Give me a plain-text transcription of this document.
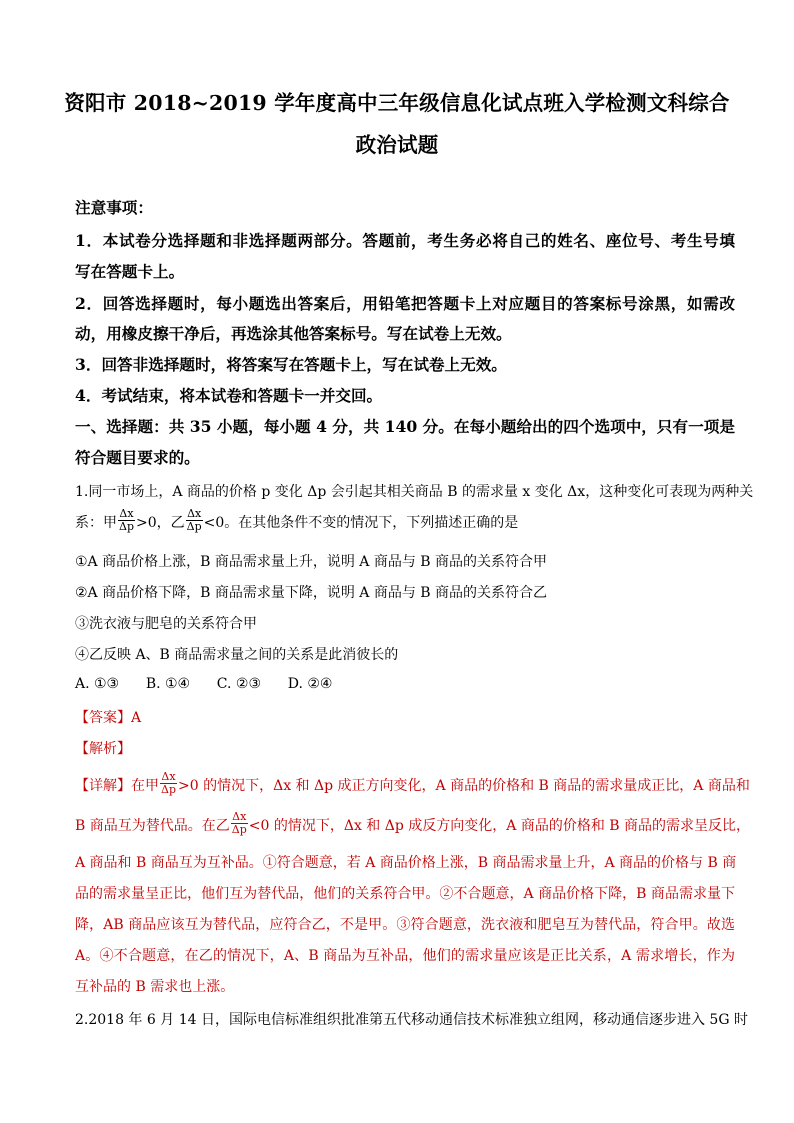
资阳市 2018~2019 学年度高中三年级信息化试点班入学检测文科综合
政治试题
注意事项：
1．本试卷分选择题和非选择题两部分。答题前，考生务必将自己的姓名、座位号、考生号填
写在答题卡上。
2．回答选择题时，每小题选出答案后，用铅笔把答题卡上对应题目的答案标号涂黑，如需改
动，用橡皮擦干净后，再选涂其他答案标号。写在试卷上无效。
3．回答非选择题时，将答案写在答题卡上，写在试卷上无效。
4．考试结束，将本试卷和答题卡一并交回。
一、选择题：共 35 小题，每小题 4 分，共 140 分。在每小题给出的四个选项中，只有一项是
符合题目要求的。
1.同一市场上，A 商品的价格 p 变化 Δp 会引起其相关商品 B 的需求量 x 变化 Δx，这种变化可表现为两种关
系：甲 $\frac{\Delta x}{\Delta p} >0$，乙 $\frac{\Delta x}{\Delta p} <0$。在其他条件不变的情况下，下列描述正确的是
①A 商品价格上涨，B 商品需求量上升，说明 A 商品与 B 商品的关系符合甲
②A 商品价格下降，B 商品需求量下降，说明 A 商品与 B 商品的关系符合乙
③洗衣液与肥皂的关系符合甲
④乙反映 A、B 商品需求量之间的关系是此消彼长的
A. ①③      B. ①④      C. ②③      D. ②④
【答案】A
【解析】
【详解】在甲 $\frac{\Delta x}{\Delta p} >0$ 的情况下，Δx 和 Δp 成正方向变化，A 商品的价格和 B 商品的需求量成正比，A 商品和
B 商品互为替代品。在乙 $\frac{\Delta x}{\Delta p} <0$ 的情况下，Δx 和 Δp 成反方向变化，A 商品的价格和 B 商品的需求呈反比，
A 商品和 B 商品互为互补品。①符合题意，若 A 商品价格上涨，B 商品需求量上升，A 商品的价格与 B 商
品的需求量呈正比，他们互为替代品，他们的关系符合甲。②不合题意，A 商品价格下降，B 商品需求量下
降，AB 商品应该互为替代品，应符合乙，不是甲。③符合题意，洗衣液和肥皂互为替代品，符合甲。故选
A。④不合题意，在乙的情况下，A、B 商品为互补品，他们的需求量应该是正比关系，A 需求增长，作为
互补品的 B 需求也上涨。
2.2018 年 6 月 14 日，国际电信标准组织批准第五代移动通信技术标准独立组网，移动通信逐步进入 5G 时
